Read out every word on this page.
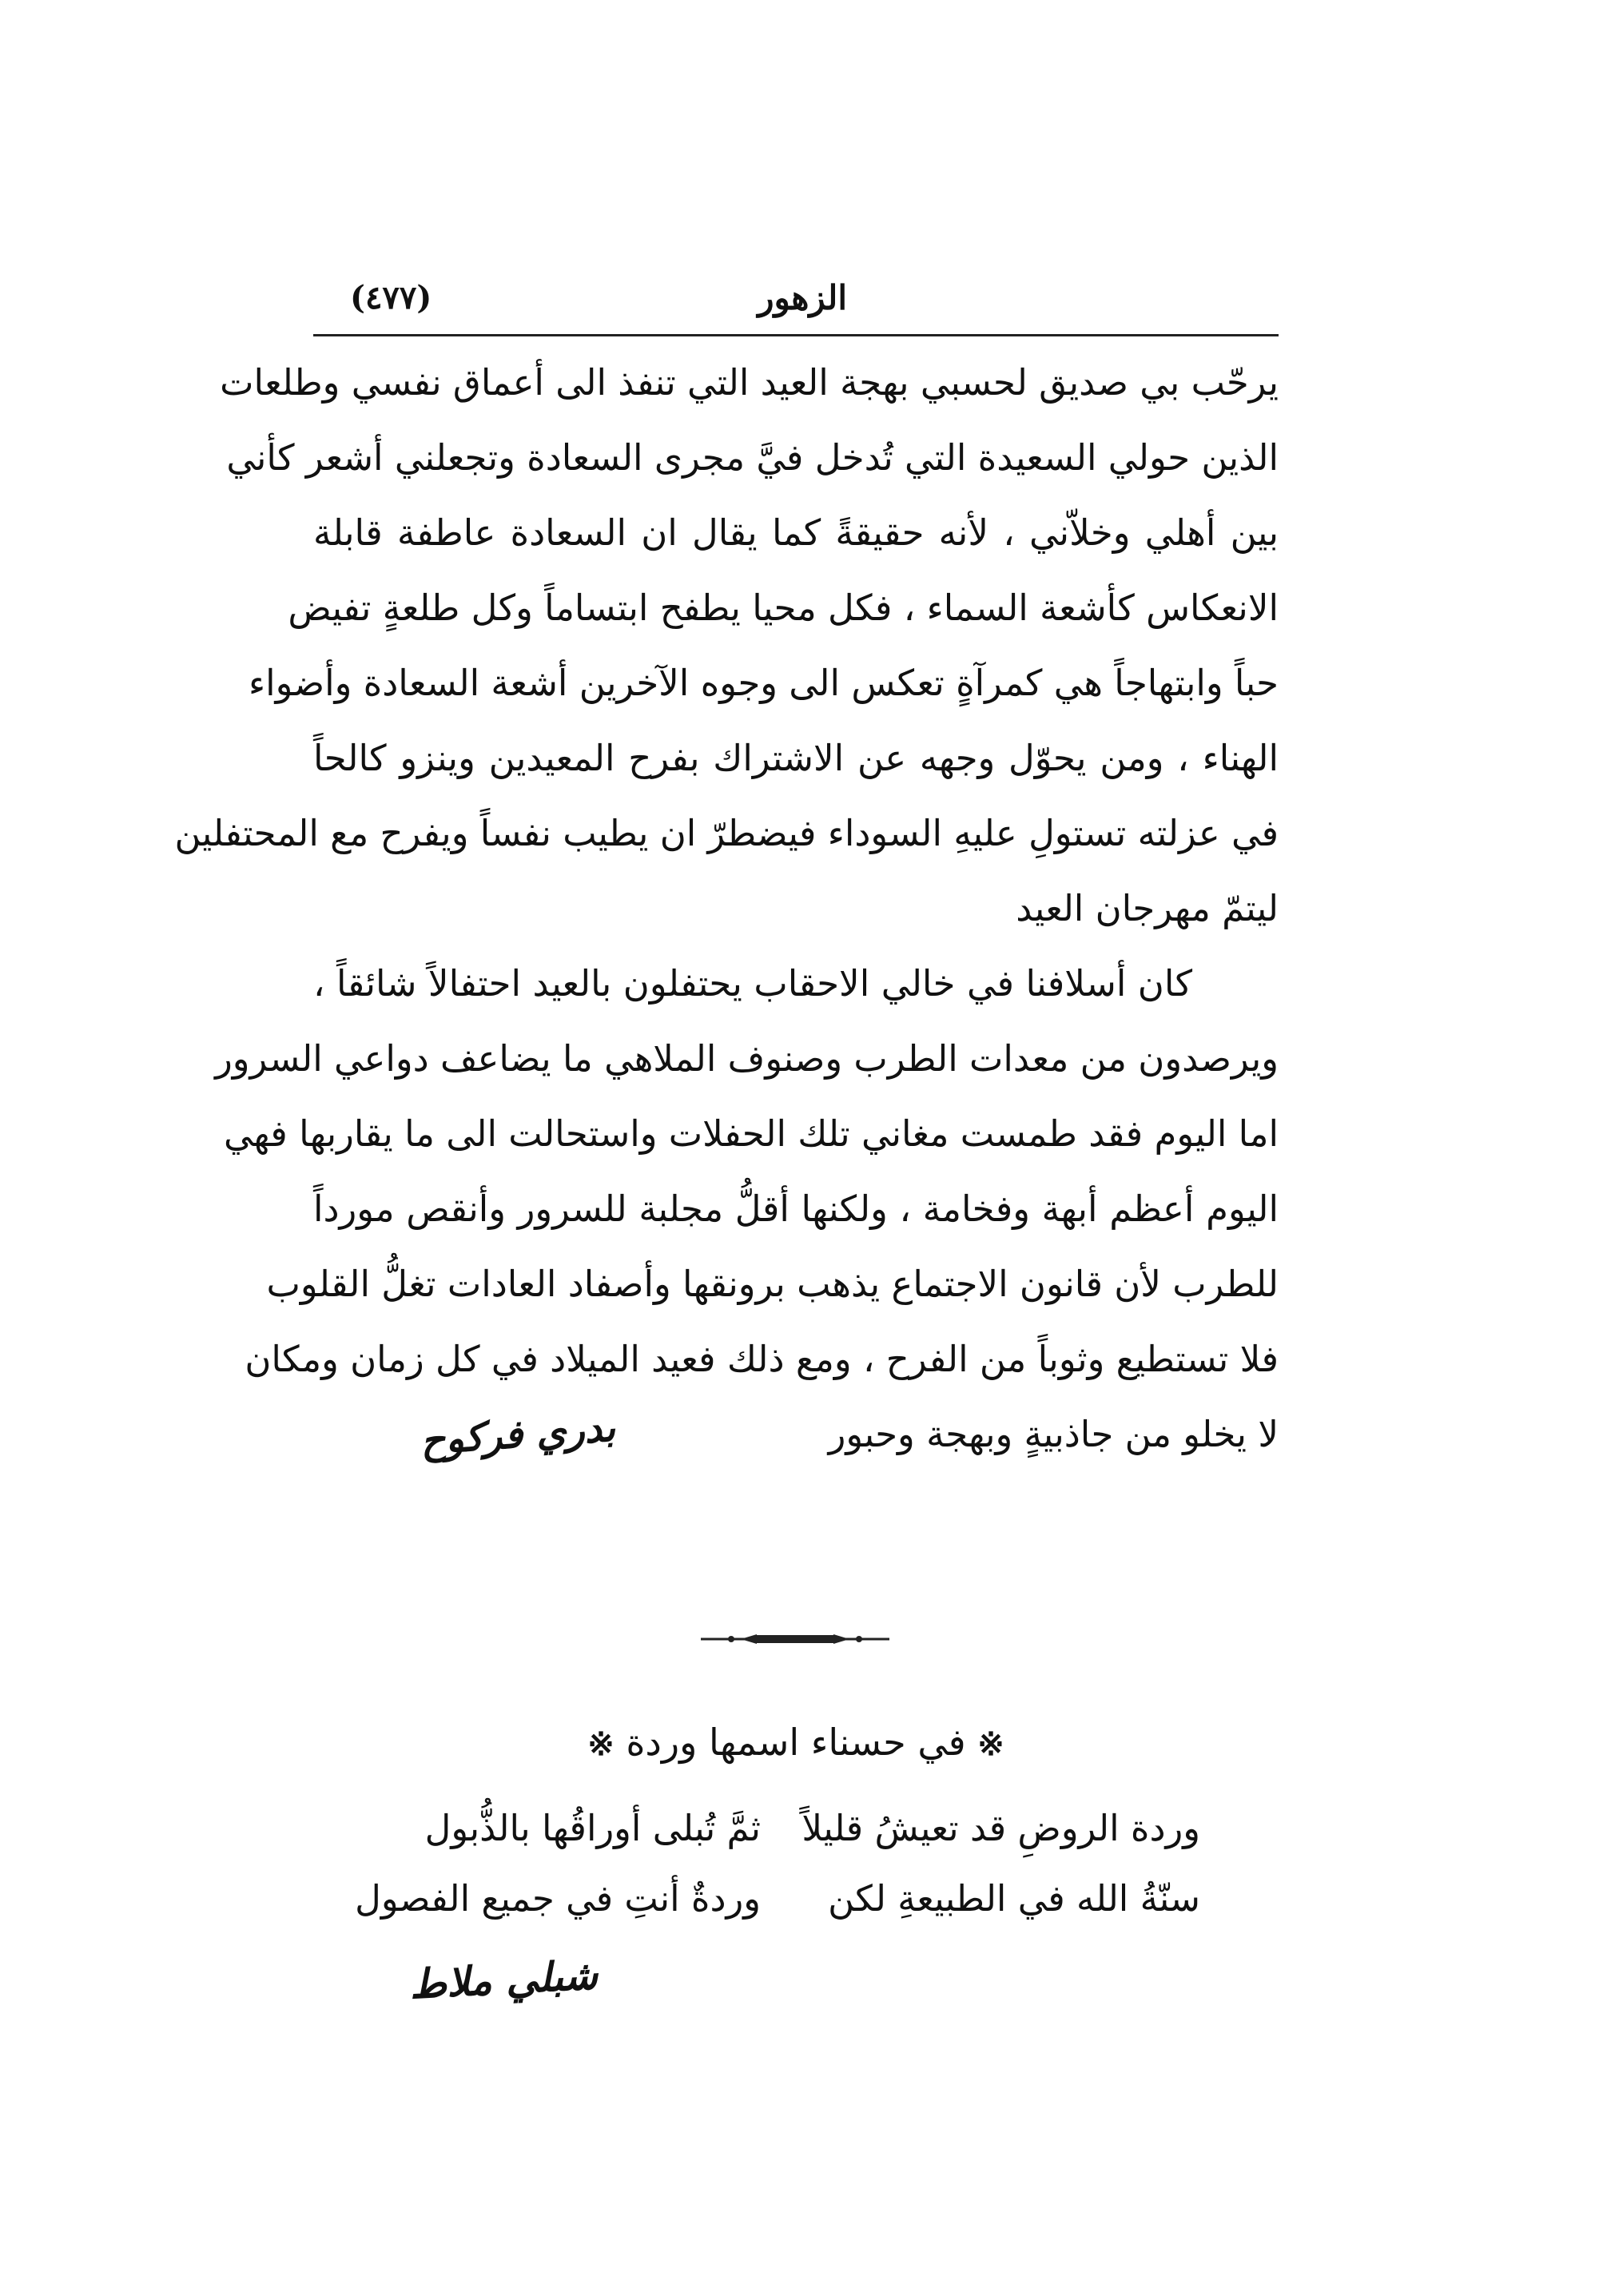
الزهور
(٤٧٧)
يرحّب بي صديق لحسبي بهجة العيد التي تنفذ الى أعماق نفسي وطلعات
الذين حولي السعيدة التي تُدخل فيَّ مجرى السعادة وتجعلني أشعر كأني
بين أهلي وخلاّني ، لأنه حقيقةً كما يقال ان السعادة عاطفة قابلة
الانعكاس كأشعة السماء ، فكل محيا يطفح ابتساماً وكل طلعةٍ تفيض
حباً وابتهاجاً هي كمرآةٍ تعكس الى وجوه الآخرين أشعة السعادة وأضواء
الهناء ، ومن يحوّل وجهه عن الاشتراك بفرح المعيدين وينزو كالحاً
في عزلته تستولِ عليهِ السوداء فيضطرّ ان يطيب نفساً ويفرح مع المحتفلين
ليتمّ مهرجان العيد
كان أسلافنا في خالي الاحقاب يحتفلون بالعيد احتفالاً شائقاً ،
ويرصدون من معدات الطرب وصنوف الملاهي ما يضاعف دواعي السرور
اما اليوم فقد طمست مغاني تلك الحفلات واستحالت الى ما يقاربها فهي
اليوم أعظم أبهة وفخامة ، ولكنها أقلُّ مجلبة للسرور وأنقص مورداً
للطرب لأن قانون الاجتماع يذهب برونقها وأصفاد العادات تغلُّ القلوب
فلا تستطيع وثوباً من الفرح ، ومع ذلك فعيد الميلاد في كل زمان ومكان
لا يخلو من جاذبيةٍ وبهجة وحبور
بدري فركوح
※ في حسناء اسمها وردة ※
وردة الروضِ قد تعيشُ قليلاً
ثمَّ تُبلى أوراقُها بالذُّبول
سنّةُ الله في الطبيعةِ لكن
وردةٌ أنتِ في جميع الفصول
شبلي ملاط
